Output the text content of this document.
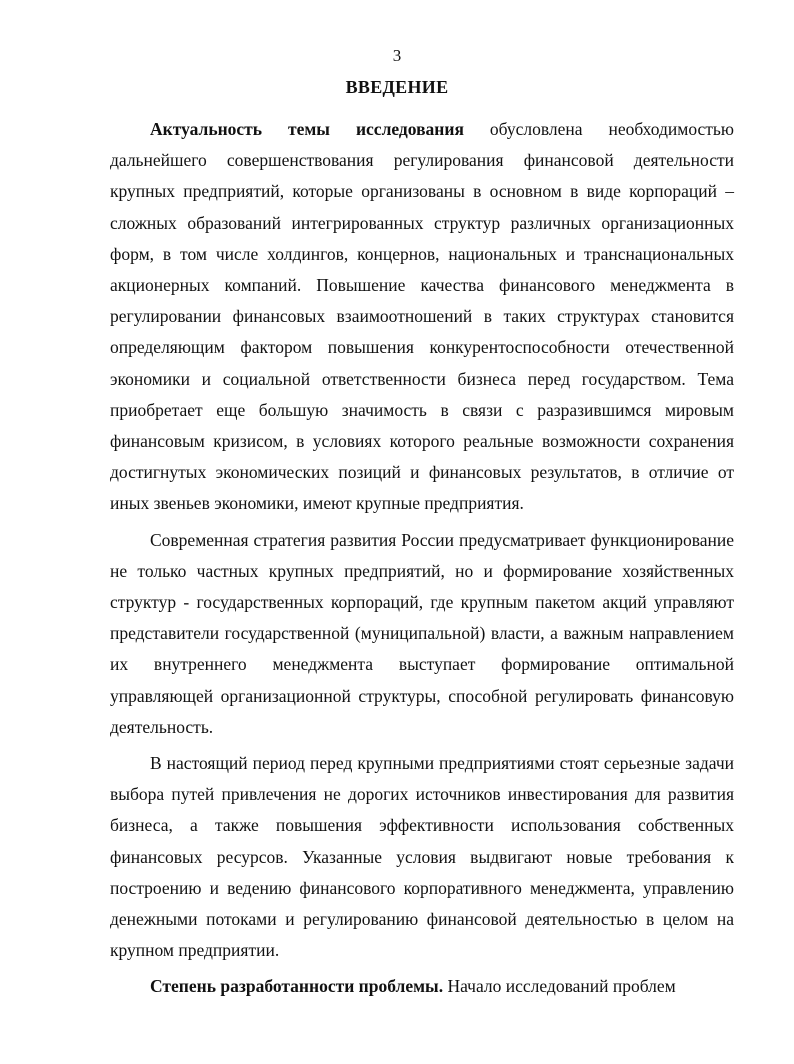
3
ВВЕДЕНИЕ

Актуальность темы исследования обусловлена необходимостью дальнейшего совершенствования регулирования финансовой деятельности крупных предприятий, которые организованы в основном в виде корпораций – сложных образований интегрированных структур различных организационных форм, в том числе холдингов, концернов, национальных и транснациональных акционерных компаний. Повышение качества финансового менеджмента в регулировании финансовых взаимоотношений в таких структурах становится определяющим фактором повышения конкурентоспособности отечественной экономики и социальной ответственности бизнеса перед государством. Тема приобретает еще большую значимость в связи с разразившимся мировым финансовым кризисом, в условиях которого реальные возможности сохранения достигнутых экономических позиций и финансовых результатов, в отличие от иных звеньев экономики, имеют крупные предприятия.

Современная стратегия развития России предусматривает функционирование не только частных крупных предприятий, но и формирование хозяйственных структур - государственных корпораций, где крупным пакетом акций управляют представители государственной (муниципальной) власти, а важным направлением их внутреннего менеджмента выступает формирование оптимальной управляющей организационной структуры, способной регулировать финансовую деятельность.

В настоящий период перед крупными предприятиями стоят серьезные задачи выбора путей привлечения не дорогих источников инвестирования для развития бизнеса, а также повышения эффективности использования собственных финансовых ресурсов. Указанные условия выдвигают новые требования к построению и ведению финансового корпоративного менеджмента, управлению денежными потоками и регулированию финансовой деятельностью в целом на крупном предприятии.

Степень разработанности проблемы. Начало исследований проблем
